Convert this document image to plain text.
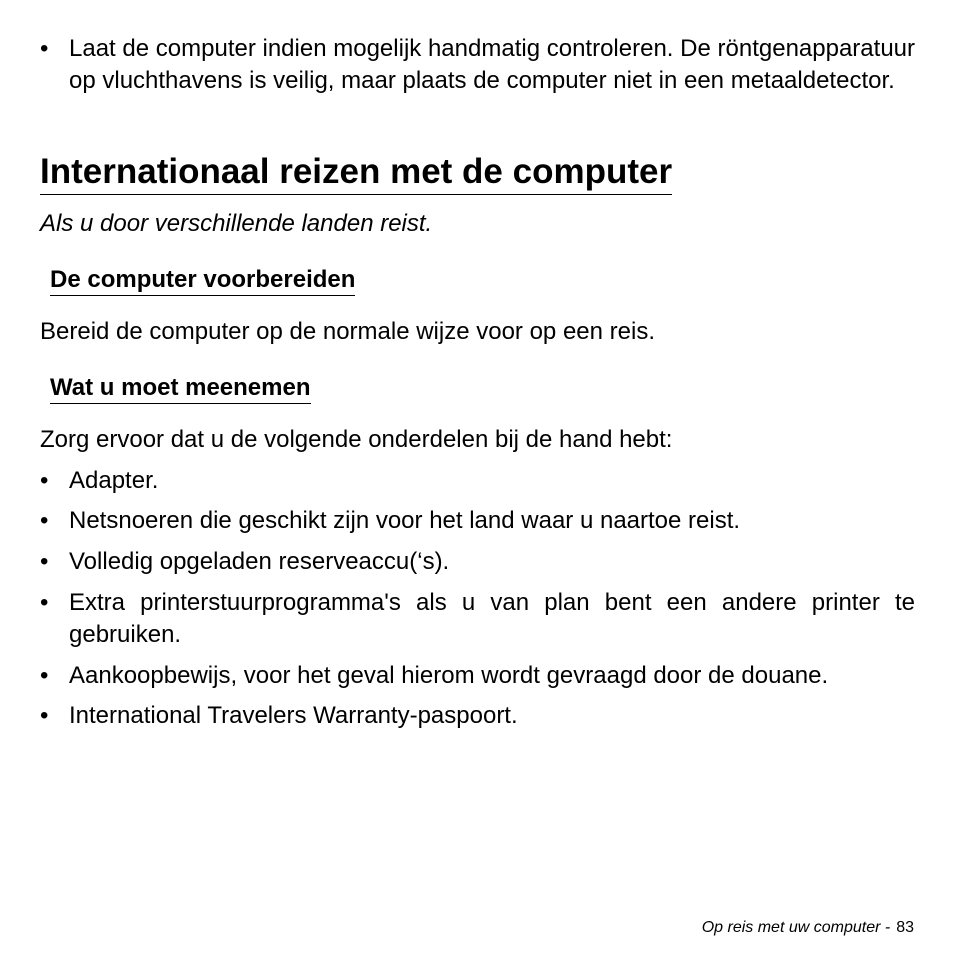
• Laat de computer indien mogelijk handmatig controleren. De röntgenapparatuur op vluchthavens is veilig, maar plaats de computer niet in een metaaldetector.
Internationaal reizen met de computer
Als u door verschillende landen reist.
De computer voorbereiden
Bereid de computer op de normale wijze voor op een reis.
Wat u moet meenemen
Zorg ervoor dat u de volgende onderdelen bij de hand hebt:
• Adapter.
• Netsnoeren die geschikt zijn voor het land waar u naartoe reist.
• Volledig opgeladen reserveaccu(‘s).
• Extra printerstuurprogramma's als u van plan bent een andere printer te gebruiken.
• Aankoopbewijs, voor het geval hierom wordt gevraagd door de douane.
• International Travelers Warranty-paspoort.
Op reis met uw computer - 83
